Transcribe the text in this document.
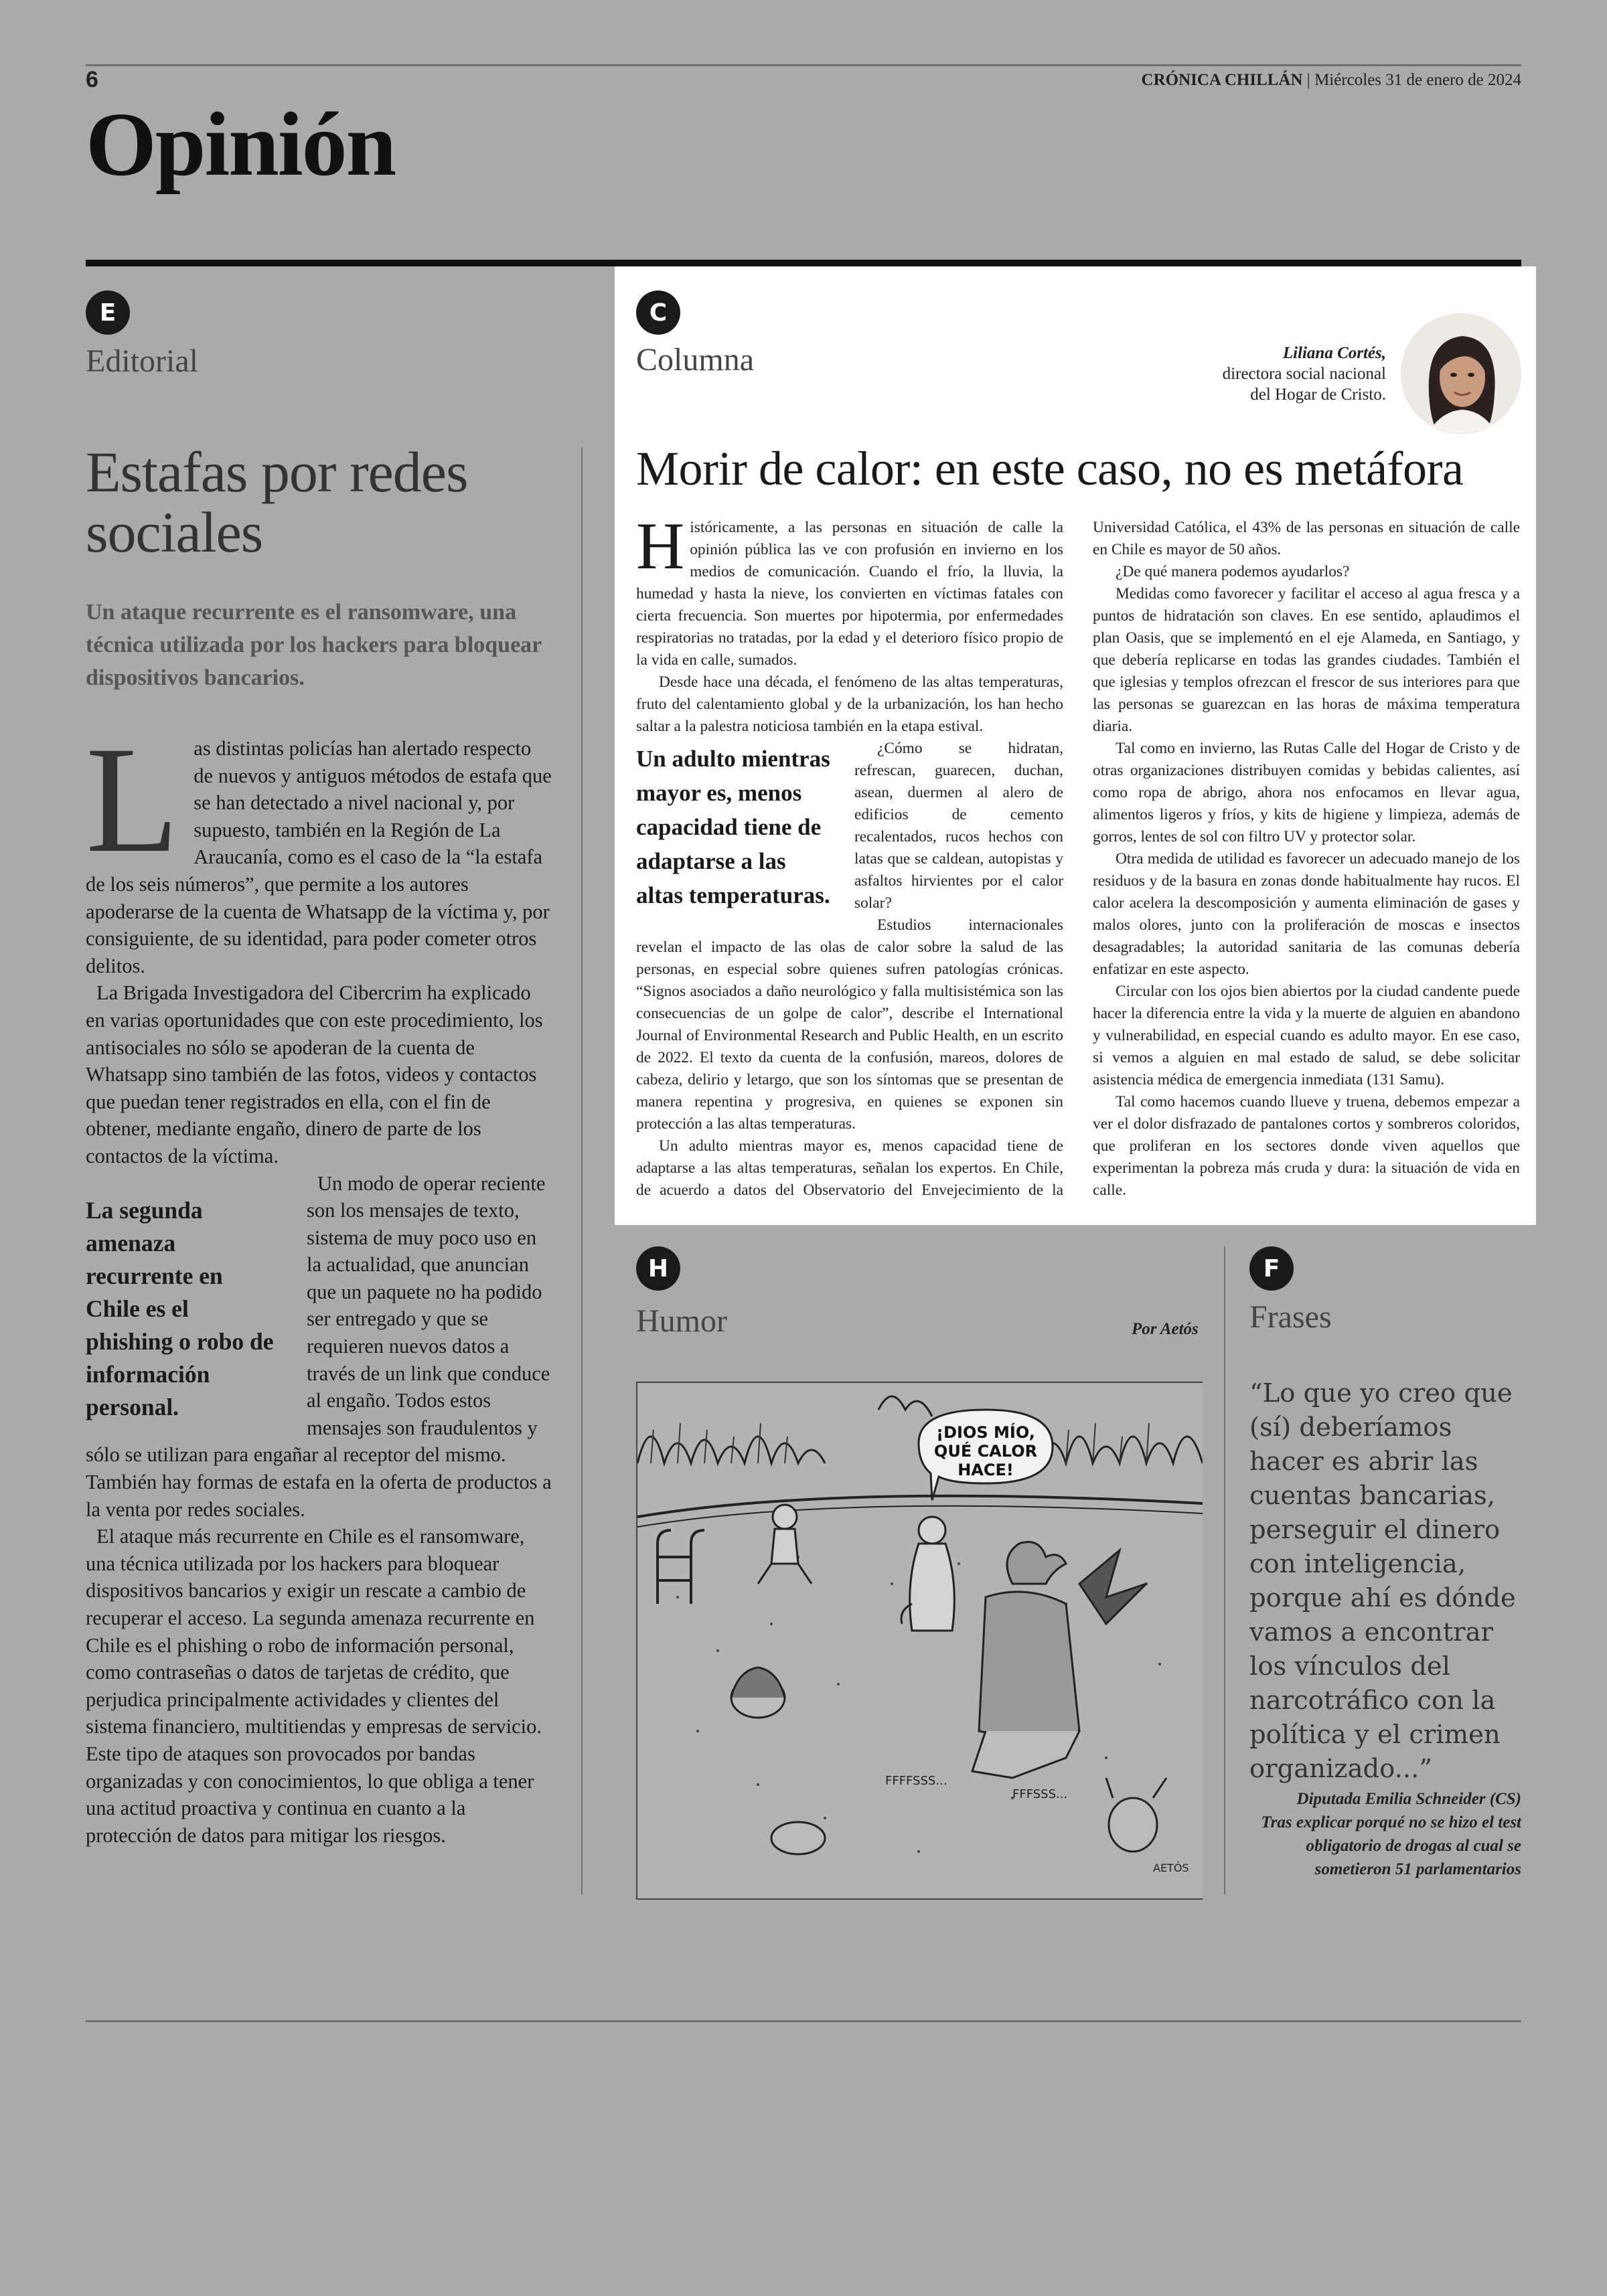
6	CRÓNICA CHILLÁN | Miércoles 31 de enero de 2024
Opinión
E
Editorial
Estafas por redes sociales
Un ataque recurrente es el ransomware, una técnica utilizada por los hackers para bloquear dispositivos bancarios.

Las distintas policías han alertado respecto de nuevos y antiguos métodos de estafa que se han detectado a nivel nacional y, por supuesto, también en la Región de La Araucanía, como es el caso de la “la estafa de los seis números”, que permite a los autores apoderarse de la cuenta de Whatsapp de la víctima y, por consiguiente, de su identidad, para poder cometer otros delitos.

La Brigada Investigadora del Cibercrim ha explicado en varias oportunidades que con este procedimiento, los antisociales no sólo se apoderan de la cuenta de Whatsapp sino también de las fotos, videos y contactos que puedan tener registrados en ella, con el fin de obtener, mediante engaño, dinero de parte de los contactos de la víctima.

La segunda amenaza recurrente en Chile es el phishing o robo de información personal.

Un modo de operar reciente son los mensajes de texto, sistema de muy poco uso en la actualidad, que anuncian que un paquete no ha podido ser entregado y que se requieren nuevos datos a través de un link que conduce al engaño. Todos estos mensajes son fraudulentos y sólo se utilizan para engañar al receptor del mismo. También hay formas de estafa en la oferta de productos a la venta por redes sociales.

El ataque más recurrente en Chile es el ransomware, una técnica utilizada por los hackers para bloquear dispositivos bancarios y exigir un rescate a cambio de recuperar el acceso. La segunda amenaza recurrente en Chile es el phishing o robo de información personal, como contraseñas o datos de tarjetas de crédito, que perjudica principalmente actividades y clientes del sistema financiero, multitiendas y empresas de servicio.

Este tipo de ataques son provocados por bandas organizadas y con conocimientos, lo que obliga a tener una actitud proactiva y continua en cuanto a la protección de datos para mitigar los riesgos.

C
Columna	Liliana Cortés,
directora social nacional
del Hogar de Cristo.
Morir de calor: en este caso, no es metáfora

Históricamente, a las personas en situación de calle la opinión pública las ve con profusión en invierno en los medios de comunicación. Cuando el frío, la lluvia, la humedad y hasta la nieve, los convierten en víctimas fatales con cierta frecuencia. Son muertes por hipotermia, por enfermedades respiratorias no tratadas, por la edad y el deterioro físico propio de la vida en calle, sumados.

Desde hace una década, el fenómeno de las altas temperaturas, fruto del calentamiento global y de la urbanización, los han hecho saltar a la palestra noticiosa también en la etapa estival.

Un adulto mientras mayor es, menos capacidad tiene de adaptarse a las altas temperaturas.

¿Cómo se hidratan, refrescan, guarecen, duchan, asean, duermen al alero de edificios de cemento recalentados, rucos hechos con latas que se caldean, autopistas y asfaltos hirvientes por el calor solar?

Estudios internacionales revelan el impacto de las olas de calor sobre la salud de las personas, en especial sobre quienes sufren patologías crónicas. “Signos asociados a daño neurológico y falla multisistémica son las consecuencias de un golpe de calor”, describe el International Journal of Environmental Research and Public Health, en un escrito de 2022. El texto da cuenta de la confusión, mareos, dolores de cabeza, delirio y letargo, que son los síntomas que se presentan de manera repentina y progresiva, en quienes se exponen sin protección a las altas temperaturas.

Un adulto mientras mayor es, menos capacidad tiene de adaptarse a las altas temperaturas, señalan los expertos. En Chile, de acuerdo a datos del Observatorio del Envejecimiento de la Universidad Católica, el 43% de las personas en situación de calle en Chile es mayor de 50 años.

¿De qué manera podemos ayudarlos?

Medidas como favorecer y facilitar el acceso al agua fresca y a puntos de hidratación son claves. En ese sentido, aplaudimos el plan Oasis, que se implementó en el eje Alameda, en Santiago, y que debería replicarse en todas las grandes ciudades. También el que iglesias y templos ofrezcan el frescor de sus interiores para que las personas se guarezcan en las horas de máxima temperatura diaria.

Tal como en invierno, las Rutas Calle del Hogar de Cristo y de otras organizaciones distribuyen comidas y bebidas calientes, así como ropa de abrigo, ahora nos enfocamos en llevar agua, alimentos ligeros y fríos, y kits de higiene y limpieza, además de gorros, lentes de sol con filtro UV y protector solar.

Otra medida de utilidad es favorecer un adecuado manejo de los residuos y de la basura en zonas donde habitualmente hay rucos. El calor acelera la descomposición y aumenta eliminación de gases y malos olores, junto con la proliferación de moscas e insectos desagradables; la autoridad sanitaria de las comunas debería enfatizar en este aspecto.

Circular con los ojos bien abiertos por la ciudad candente puede hacer la diferencia entre la vida y la muerte de alguien en abandono y vulnerabilidad, en especial cuando es adulto mayor. En ese caso, si vemos a alguien en mal estado de salud, se debe solicitar asistencia médica de emergencia inmediata (131 Samu).

Tal como hacemos cuando llueve y truena, debemos empezar a ver el dolor disfrazado de pantalones cortos y sombreros coloridos, que proliferan en los sectores donde viven aquellos que experimentan la pobreza más cruda y dura: la situación de vida en calle.

H
Humor	Por Aetós
¡DIOS MÍO,
QUÉ CALOR
HACE!
FFFFSSS...
FFFSSS...
AETÓS
F
Frases
“Lo que yo creo que (sí) deberíamos hacer es abrir las cuentas bancarias, perseguir el dinero con inteligencia, porque ahí es dónde vamos a encontrar los vínculos del narcotráfico con la política y el crimen organizado...”
Diputada Emilia Schneider (CS)
Tras explicar porqué no se hizo el test obligatorio de drogas al cual se sometieron 51 parlamentarios
